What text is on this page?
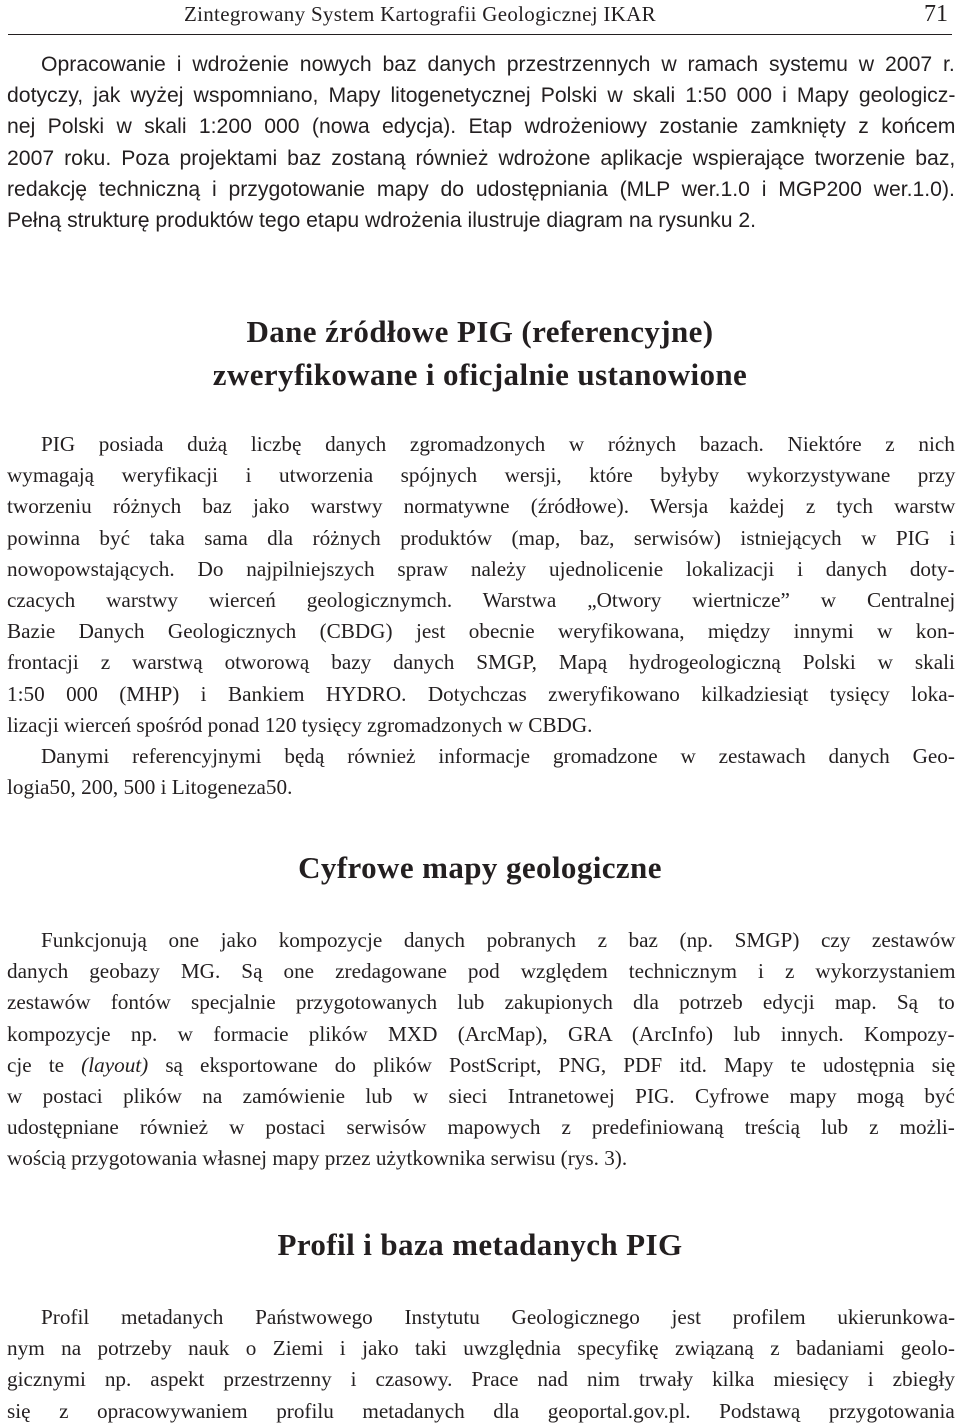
Zintegrowany System Kartografii Geologicznej IKAR	71

Opracowanie i wdrożenie nowych baz danych przestrzennych w ramach systemu w 2007 r.
dotyczy, jak wyżej wspomniano, Mapy litogenetycznej Polski w skali 1:50 000 i Mapy geologicz-
nej Polski w skali 1:200 000 (nowa edycja). Etap wdrożeniowy zostanie zamknięty z końcem
2007 roku. Poza projektami baz zostaną również wdrożone aplikacje wspierające tworzenie baz,
redakcję techniczną i przygotowanie mapy do udostępniania (MLP wer.1.0 i MGP200 wer.1.0).
Pełną strukturę produktów tego etapu wdrożenia ilustruje diagram na rysunku 2.

Dane źródłowe PIG (referencyjne)
zweryfikowane i oficjalnie ustanowione

PIG posiada dużą liczbę danych zgromadzonych w różnych bazach. Niektóre z nich
wymagają weryfikacji i utworzenia spójnych wersji, które byłyby wykorzystywane przy
tworzeniu różnych baz jako warstwy normatywne (źródłowe). Wersja każdej z tych warstw
powinna być taka sama dla różnych produktów (map, baz, serwisów) istniejących w PIG i
nowopowstających. Do najpilniejszych spraw należy ujednolicenie lokalizacji i danych doty-
czacych warstwy wierceń geologicznymch. Warstwa „Otwory wiertnicze” w Centralnej
Bazie Danych Geologicznych (CBDG) jest obecnie weryfikowana, między innymi w kon-
frontacji z warstwą otworową bazy danych SMGP, Mapą hydrogeologiczną Polski w skali
1:50 000 (MHP) i Bankiem HYDRO. Dotychczas zweryfikowano kilkadziesiąt tysięcy loka-
lizacji wierceń spośród ponad 120 tysięcy zgromadzonych w CBDG.
Danymi referencyjnymi będą również informacje gromadzone w zestawach danych Geo-
logia50, 200, 500 i Litogeneza50.

Cyfrowe mapy geologiczne

Funkcjonują one jako kompozycje danych pobranych z baz (np. SMGP) czy zestawów
danych geobazy MG. Są one zredagowane pod względem technicznym i z wykorzystaniem
zestawów fontów specjalnie przygotowanych lub zakupionych dla potrzeb edycji map. Są to
kompozycje np. w formacie plików MXD (ArcMap), GRA (ArcInfo) lub innych. Kompozy-
cje te (layout) są eksportowane do plików PostScript, PNG, PDF itd. Mapy te udostępnia się
w postaci plików na zamówienie lub w sieci Intranetowej PIG. Cyfrowe mapy mogą być
udostępniane również w postaci serwisów mapowych z predefiniowaną treścią lub z możli-
wością przygotowania własnej mapy przez użytkownika serwisu (rys. 3).

Profil i baza metadanych PIG

Profil metadanych Państwowego Instytutu Geologicznego jest profilem ukierunkowa-
nym na potrzeby nauk o Ziemi i jako taki uwzględnia specyfikę związaną z badaniami geolo-
gicznymi np. aspekt przestrzenny i czasowy. Prace nad nim trwały kilka miesięcy i zbiegły
się z opracowywaniem profilu metadanych dla geoportal.gov.pl. Podstawą przygotowania
